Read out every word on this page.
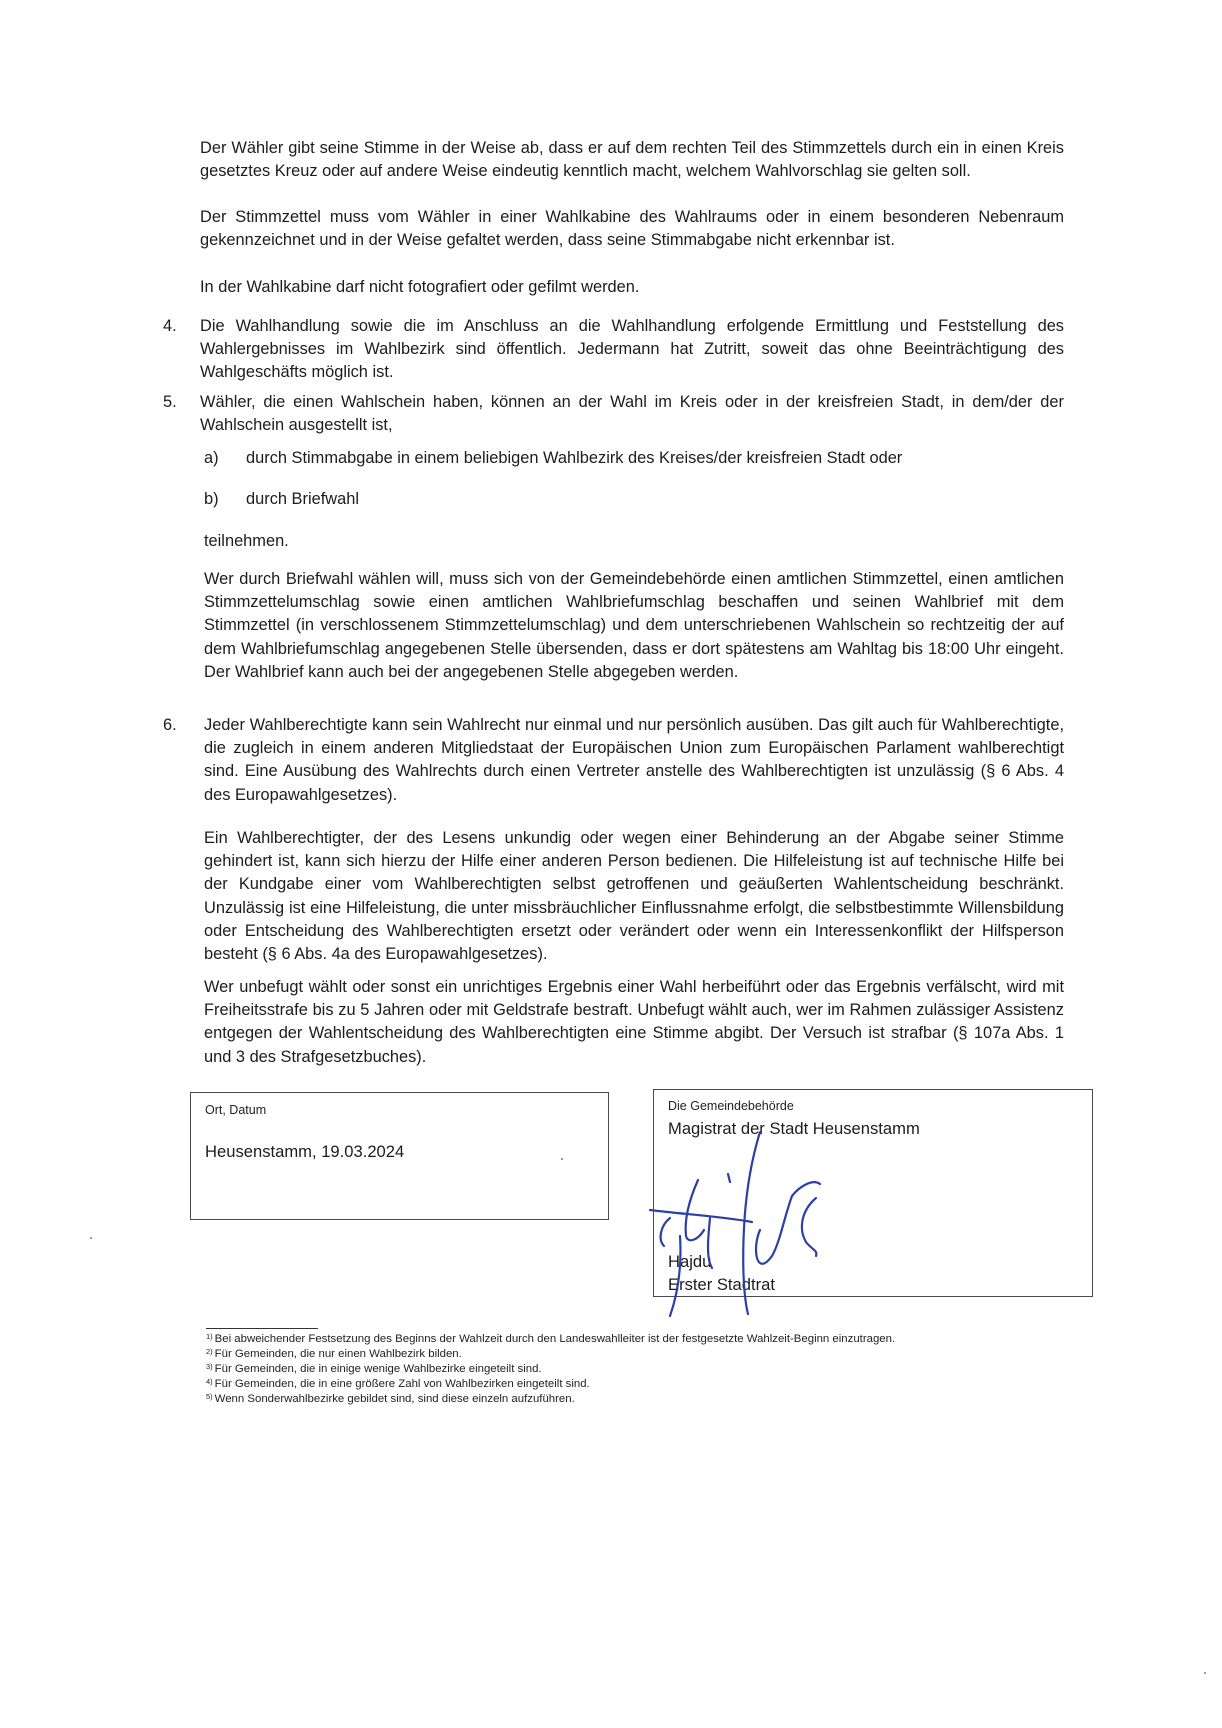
Der Wähler gibt seine Stimme in der Weise ab, dass er auf dem rechten Teil des Stimmzettels durch ein in einen Kreis gesetztes Kreuz oder auf andere Weise eindeutig kenntlich macht, welchem Wahlvorschlag sie gelten soll.

Der Stimmzettel muss vom Wähler in einer Wahlkabine des Wahlraums oder in einem besonderen Nebenraum gekennzeichnet und in der Weise gefaltet werden, dass seine Stimmabgabe nicht erkennbar ist.

In der Wahlkabine darf nicht fotografiert oder gefilmt werden.

4. Die Wahlhandlung sowie die im Anschluss an die Wahlhandlung erfolgende Ermittlung und Feststellung des Wahlergebnisses im Wahlbezirk sind öffentlich. Jedermann hat Zutritt, soweit das ohne Beeinträchtigung des Wahlgeschäfts möglich ist.

5. Wähler, die einen Wahlschein haben, können an der Wahl im Kreis oder in der kreisfreien Stadt, in dem/der der Wahlschein ausgestellt ist,

a) durch Stimmabgabe in einem beliebigen Wahlbezirk des Kreises/der kreisfreien Stadt oder
b) durch Briefwahl
teilnehmen.

Wer durch Briefwahl wählen will, muss sich von der Gemeindebehörde einen amtlichen Stimmzettel, einen amtlichen Stimmzettelumschlag sowie einen amtlichen Wahlbriefumschlag beschaffen und seinen Wahlbrief mit dem Stimmzettel (in verschlossenem Stimmzettelumschlag) und dem unterschriebenen Wahlschein so rechtzeitig der auf dem Wahlbriefumschlag angegebenen Stelle übersenden, dass er dort spätestens am Wahltag bis 18:00 Uhr eingeht. Der Wahlbrief kann auch bei der angegebenen Stelle abgegeben werden.

6. Jeder Wahlberechtigte kann sein Wahlrecht nur einmal und nur persönlich ausüben. Das gilt auch für Wahlberechtigte, die zugleich in einem anderen Mitgliedstaat der Europäischen Union zum Europäischen Parlament wahlberechtigt sind. Eine Ausübung des Wahlrechts durch einen Vertreter anstelle des Wahlberechtigten ist unzulässig (§ 6 Abs. 4 des Europawahlgesetzes).

Ein Wahlberechtigter, der des Lesens unkundig oder wegen einer Behinderung an der Abgabe seiner Stimme gehindert ist, kann sich hierzu der Hilfe einer anderen Person bedienen. Die Hilfeleistung ist auf technische Hilfe bei der Kundgabe einer vom Wahlberechtigten selbst getroffenen und geäußerten Wahlentscheidung beschränkt. Unzulässig ist eine Hilfeleistung, die unter missbräuchlicher Einflussnahme erfolgt, die selbstbestimmte Willensbildung oder Entscheidung des Wahlberechtigten ersetzt oder verändert oder wenn ein Interessenkonflikt der Hilfsperson besteht (§ 6 Abs. 4a des Europawahlgesetzes).

Wer unbefugt wählt oder sonst ein unrichtiges Ergebnis einer Wahl herbeiführt oder das Ergebnis verfälscht, wird mit Freiheitsstrafe bis zu 5 Jahren oder mit Geldstrafe bestraft. Unbefugt wählt auch, wer im Rahmen zulässiger Assistenz entgegen der Wahlentscheidung des Wahlberechtigten eine Stimme abgibt. Der Versuch ist strafbar (§ 107a Abs. 1 und 3 des Strafgesetzbuches).

Ort, Datum
Heusenstamm, 19.03.2024
Die Gemeindebehörde
Magistrat der Stadt Heusenstamm
Hajdu
Erster Stadtrat
$^{1)}$ Bei abweichender Festsetzung des Beginns der Wahlzeit durch den Landeswahlleiter ist der festgesetzte Wahlzeit-Beginn einzutragen.
$^{2)}$ Für Gemeinden, die nur einen Wahlbezirk bilden.
$^{3)}$ Für Gemeinden, die in einige wenige Wahlbezirke eingeteilt sind.
$^{4)}$ Für Gemeinden, die in eine größere Zahl von Wahlbezirken eingeteilt sind.
$^{5)}$ Wenn Sonderwahlbezirke gebildet sind, sind diese einzeln aufzuführen.
